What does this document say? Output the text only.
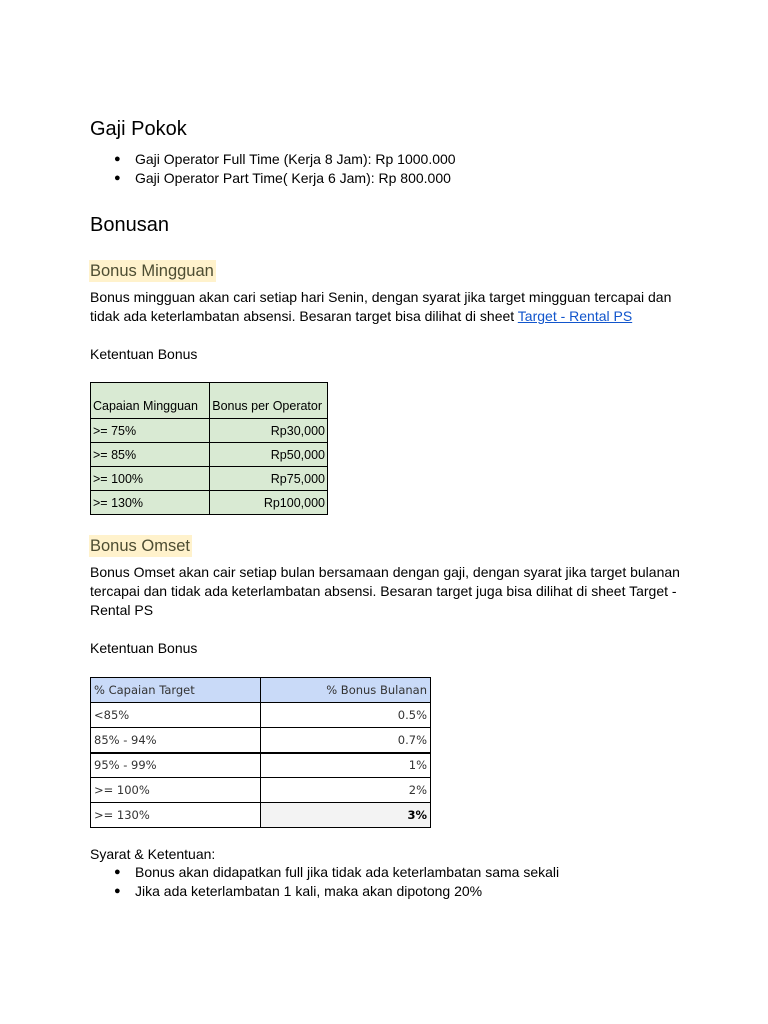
Gaji Pokok
● Gaji Operator Full Time (Kerja 8 Jam): Rp 1000.000
● Gaji Operator Part Time( Kerja 6 Jam): Rp 800.000
Bonusan
Bonus Mingguan
Bonus mingguan akan cari setiap hari Senin, dengan syarat jika target mingguan tercapai dan
tidak ada keterlambatan absensi. Besaran target bisa dilihat di sheet Target - Rental PS
Ketentuan Bonus
Capaian Mingguan	Bonus per Operator
>= 75%	Rp30,000
>= 85%	Rp50,000
>= 100%	Rp75,000
>= 130%	Rp100,000
Bonus Omset
Bonus Omset akan cair setiap bulan bersamaan dengan gaji, dengan syarat jika target bulanan
tercapai dan tidak ada keterlambatan absensi. Besaran target juga bisa dilihat di sheet Target -
Rental PS
Ketentuan Bonus
% Capaian Target	% Bonus Bulanan
<85%	0.5%
85% - 94%	0.7%
95% - 99%	1%
>= 100%	2%
>= 130%	3%
Syarat & Ketentuan:
● Bonus akan didapatkan full jika tidak ada keterlambatan sama sekali
● Jika ada keterlambatan 1 kali, maka akan dipotong 20%
